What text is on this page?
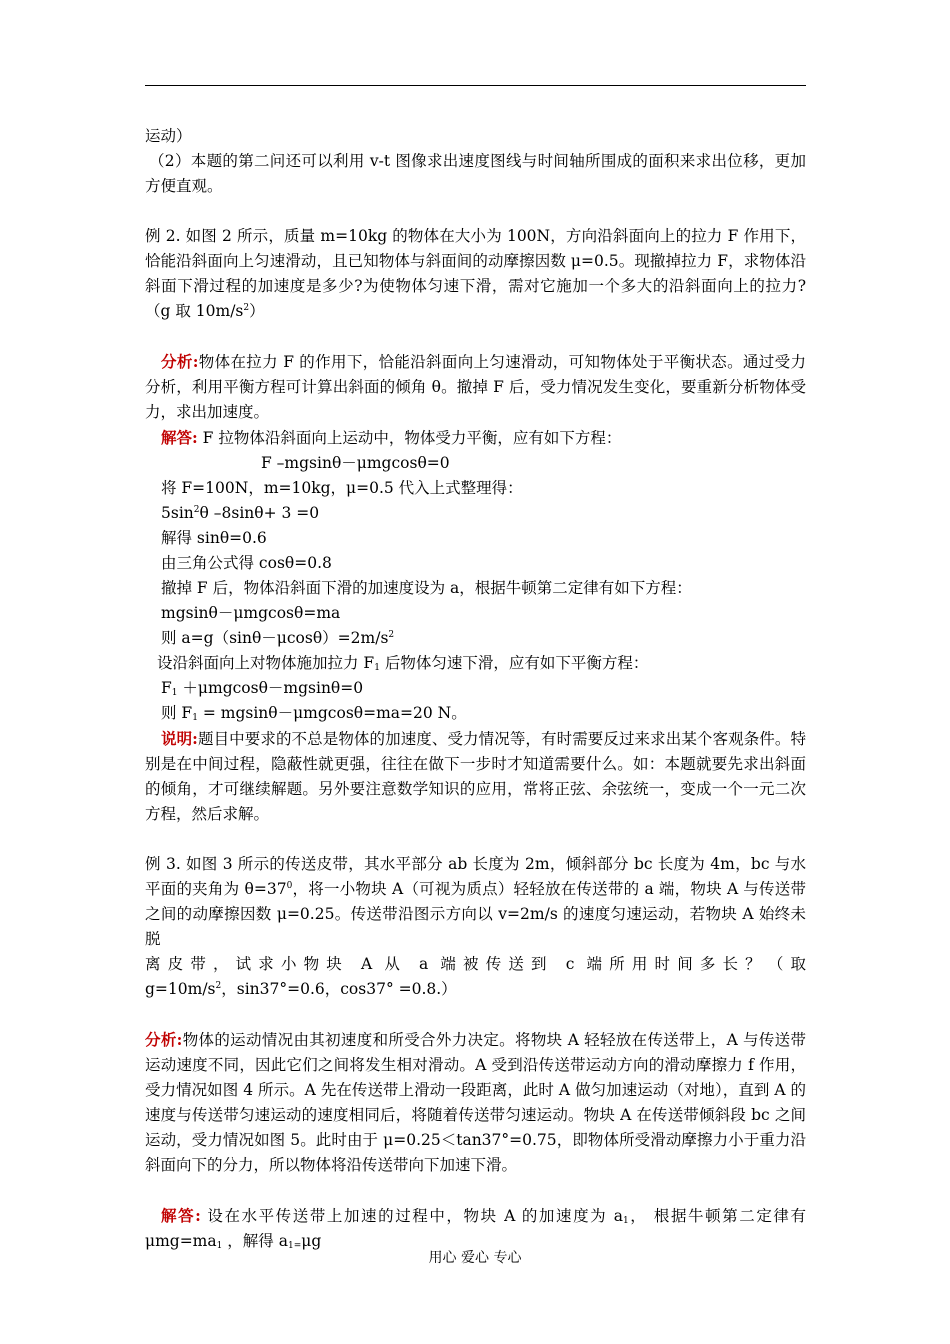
运动）

（2）本题的第二问还可以利用 v-t 图像求出速度图线与时间轴所围成的面积来求出位移，更加方便直观。

例 2. 如图 2 所示，质量 m=10kg 的物体在大小为 100N，方向沿斜面向上的拉力 F 作用下，恰能沿斜面向上匀速滑动，且已知物体与斜面间的动摩擦因数 μ=0.5。现撤掉拉力 F，求物体沿斜面下滑过程的加速度是多少?为使物体匀速下滑，需对它施加一个多大的沿斜面向上的拉力? （g 取 $10m/s^2$）

分析:物体在拉力 F 的作用下，恰能沿斜面向上匀速滑动，可知物体处于平衡状态。通过受力分析，利用平衡方程可计算出斜面的倾角 θ。撤掉 F 后，受力情况发生变化，要重新分析物体受力，求出加速度。

解答: F 拉物体沿斜面向上运动中，物体受力平衡，应有如下方程：

F –mgsinθ－μmgcosθ=0

将 F=100N，m=10kg，μ=0.5 代入上式整理得：

$5\sin^2\theta$ –8sinθ+ 3 =0

解得 sinθ=0.6

由三角公式得 cosθ=0.8

撤掉 F 后，物体沿斜面下滑的加速度设为 a，根据牛顿第二定律有如下方程：

mgsinθ－μmgcosθ=ma

则 $a=g(\sin\theta-\mu\cos\theta)=2m/s^2$

设沿斜面向上对物体施加拉力 $F_1$ 后物体匀速下滑，应有如下平衡方程：

$F_1 +\mu mgcos\theta-mgsin\theta=0$

则 $F_1 = mgsin\theta-\mu mgcos\theta=ma=20$ N。

说明:题目中要求的不总是物体的加速度、受力情况等，有时需要反过来求出某个客观条件。特别是在中间过程，隐蔽性就更强，往往在做下一步时才知道需要什么。如：本题就要先求出斜面的倾角，才可继续解题。另外要注意数学知识的应用，常将正弦、余弦统一，变成一个一元二次方程，然后求解。

例 3. 如图 3 所示的传送皮带，其水平部分 ab 长度为 2m，倾斜部分 bc 长度为 4m，bc 与水平面的夹角为 $\theta=37^0$，将一小物块 A（可视为质点）轻轻放在传送带的 a 端，物块 A 与传送带之间的动摩擦因数 μ=0.25。传送带沿图示方向以 v=2m/s 的速度匀速运动，若物块 A 始终未脱

离皮带，试求小物块 A 从 a 端被传送到 c 端所用时间多长？（取

$g=10m/s^2$，sin37°=0.6，cos37° =0.8.）

分析:物体的运动情况由其初速度和所受合外力决定。将物块 A 轻轻放在传送带上，A 与传送带运动速度不同，因此它们之间将发生相对滑动。A 受到沿传送带运动方向的滑动摩擦力 f 作用，受力情况如图 4 所示。A 先在传送带上滑动一段距离，此时 A 做匀加速运动（对地），直到 A 的速度与传送带匀速运动的速度相同后，将随着传送带匀速运动。物块 A 在传送带倾斜段 bc 之间运动，受力情况如图 5。此时由于 μ=0.25＜tan37°=0.75，即物体所受滑动摩擦力小于重力沿斜面向下的分力，所以物体将沿传送带向下加速下滑。

解答: 设在水平传送带上加速的过程中，物块 A 的加速度为 $a_1$， 根据牛顿第二定律有 $\mu mg=ma_1$ ，解得 $a_{1=}\mu g$

用心 爱心 专心
